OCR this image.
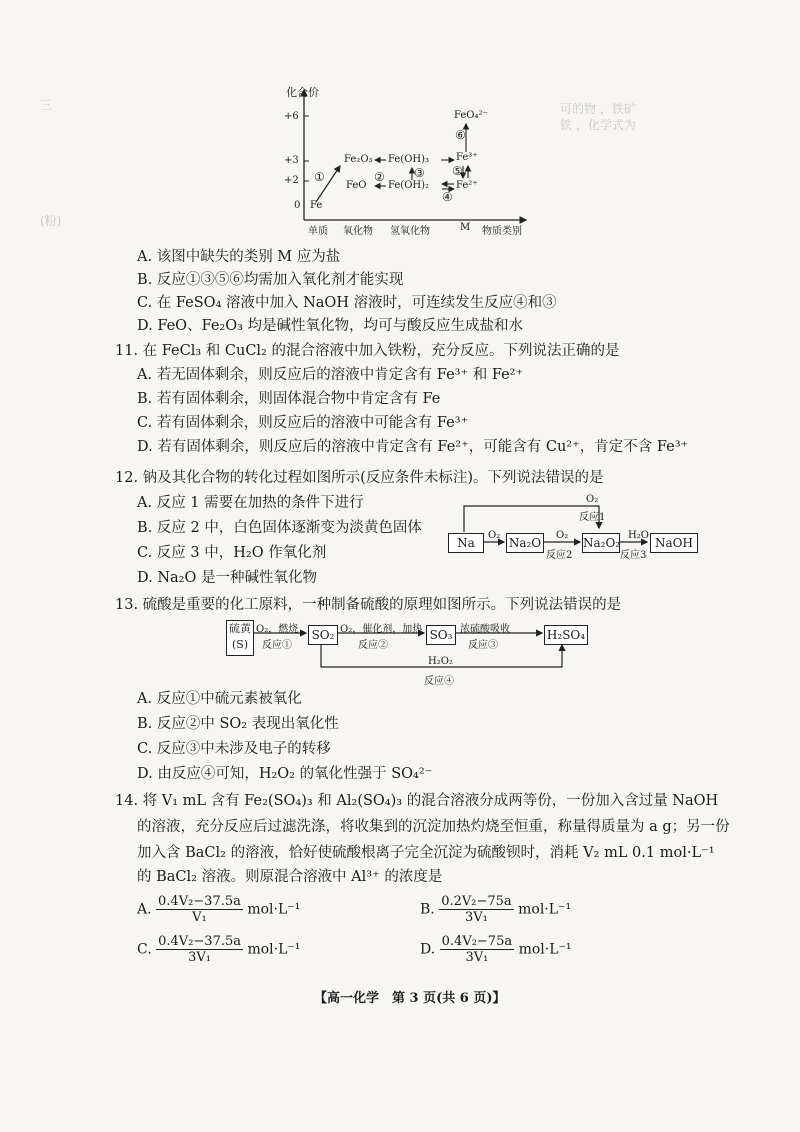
三
(粉)
可的物 ，铁矿
铁 ，化学式为
化合价
+6
+3
+2
0
单质 氧化物 氢氧化物	M 物质类别
Fe
Fe₂O₃ Fe(OH)₃	Fe³⁺
FeO Fe(OH)₂	Fe²⁺
FeO₄²⁻
①	② ③
④
⑤
⑥
A. 该图中缺失的类别 M 应为盐
B. 反应①③⑤⑥均需加入氧化剂才能实现
C. 在 FeSO₄ 溶液中加入 NaOH 溶液时，可连续发生反应④和③
D. FeO、Fe₂O₃ 均是碱性氧化物，均可与酸反应生成盐和水
11. 在 FeCl₃ 和 CuCl₂ 的混合溶液中加入铁粉，充分反应。下列说法正确的是
A. 若无固体剩余，则反应后的溶液中肯定含有 Fe³⁺ 和 Fe²⁺
B. 若有固体剩余，则固体混合物中肯定含有 Fe
C. 若有固体剩余，则反应后的溶液中可能含有 Fe³⁺
D. 若有固体剩余，则反应后的溶液中肯定含有 Fe²⁺，可能含有 Cu²⁺，肯定不含 Fe³⁺
12. 钠及其化合物的转化过程如图所示(反应条件未标注)。下列说法错误的是
A. 反应 1 需要在加热的条件下进行
B. 反应 2 中，白色固体逐渐变为淡黄色固体
C. 反应 3 中，H₂O 作氧化剂
D. Na₂O 是一种碱性氧化物
O₂
反应1
Na
O₂
Na₂O
O₂
反应2
Na₂O₂
H₂O
反应3
NaOH
13. 硫酸是重要的化工原料，一种制备硫酸的原理如图所示。下列说法错误的是
硫黄
(S)
O₂，燃烧
反应①
SO₂ O₂，催化剂，加热
反应②
SO₃ 浓硫酸吸收
反应③
H₂SO₄
H₂O₂
反应④
A. 反应①中硫元素被氧化
B. 反应②中 SO₂ 表现出氧化性
C. 反应③中未涉及电子的转移
D. 由反应④可知，H₂O₂ 的氧化性强于 SO₄²⁻
14. 将 V₁ mL 含有 Fe₂(SO₄)₃ 和 Al₂(SO₄)₃ 的混合溶液分成两等份，一份加入含过量 NaOH
的溶液，充分反应后过滤洗涤，将收集到的沉淀加热灼烧至恒重，称量得质量为 a g；另一份
加入含 BaCl₂ 的溶液，恰好使硫酸根离子完全沉淀为硫酸钡时，消耗 V₂ mL 0.1 mol·L⁻¹
的 BaCl₂ 溶液。则原混合溶液中 Al³⁺ 的浓度是
A. $\frac{\text{0.4V₂−37.5a}}{\text{V₁}} mol\cdot L^{-1}$	B. $\frac{\text{0.2V₂−75a}}{\text{3V₁}} mol\cdot L^{-1}$
C. $\frac{\text{0.4V₂−37.5a}}{\text{3V₁}} mol\cdot L^{-1}$	D. $\frac{\text{0.4V₂−75a}}{\text{3V₁}} mol\cdot L^{-1}$
【高一化学　第 3 页(共 6 页)】
